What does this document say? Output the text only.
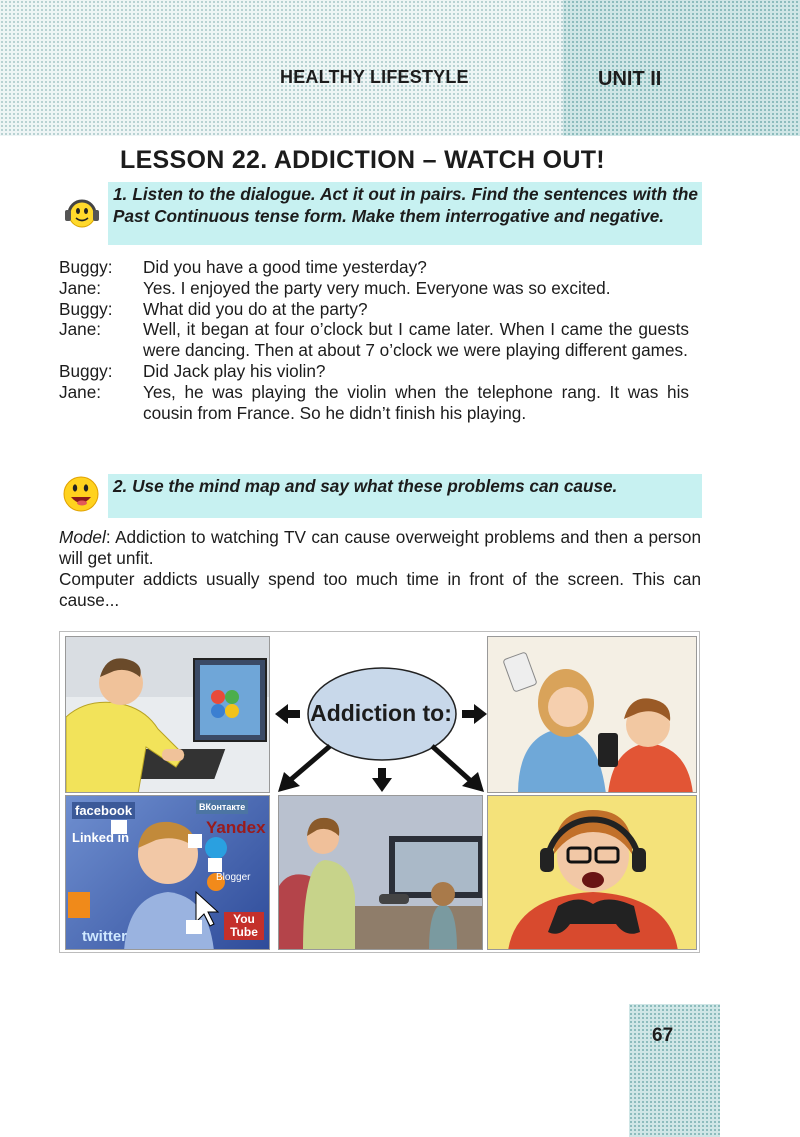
HEALTHY LIFESTYLE	UNIT II
LESSON 22. ADDICTION – WATCH OUT!
1. Listen to the dialogue. Act it out in pairs. Find the sentences with the Past Continuous tense form. Make them interrogative and negative.
Buggy:	Did you have a good time yesterday?
Jane:	Yes. I enjoyed the party very much. Everyone was so excited.
Buggy:	What did you do at the party?
Jane:	Well, it began at four o’clock but I came later. When I came the guests were dancing. Then at about 7 o’clock we were playing different games.
Buggy:	Did Jack play his violin?
Jane:	Yes, he was playing the violin when the telephone rang. It was his cousin from France. So he didn’t finish his playing.
2. Use the mind map and say what these problems can cause.
Model: Addiction to watching TV can cause overweight problems and then a person will get unfit.
Computer addicts usually spend too much time in front of the screen. This can cause...
Addiction to:
facebook	ВКонтакте
Linked in
Yandex
Blogger
You Tube
twitter
67
